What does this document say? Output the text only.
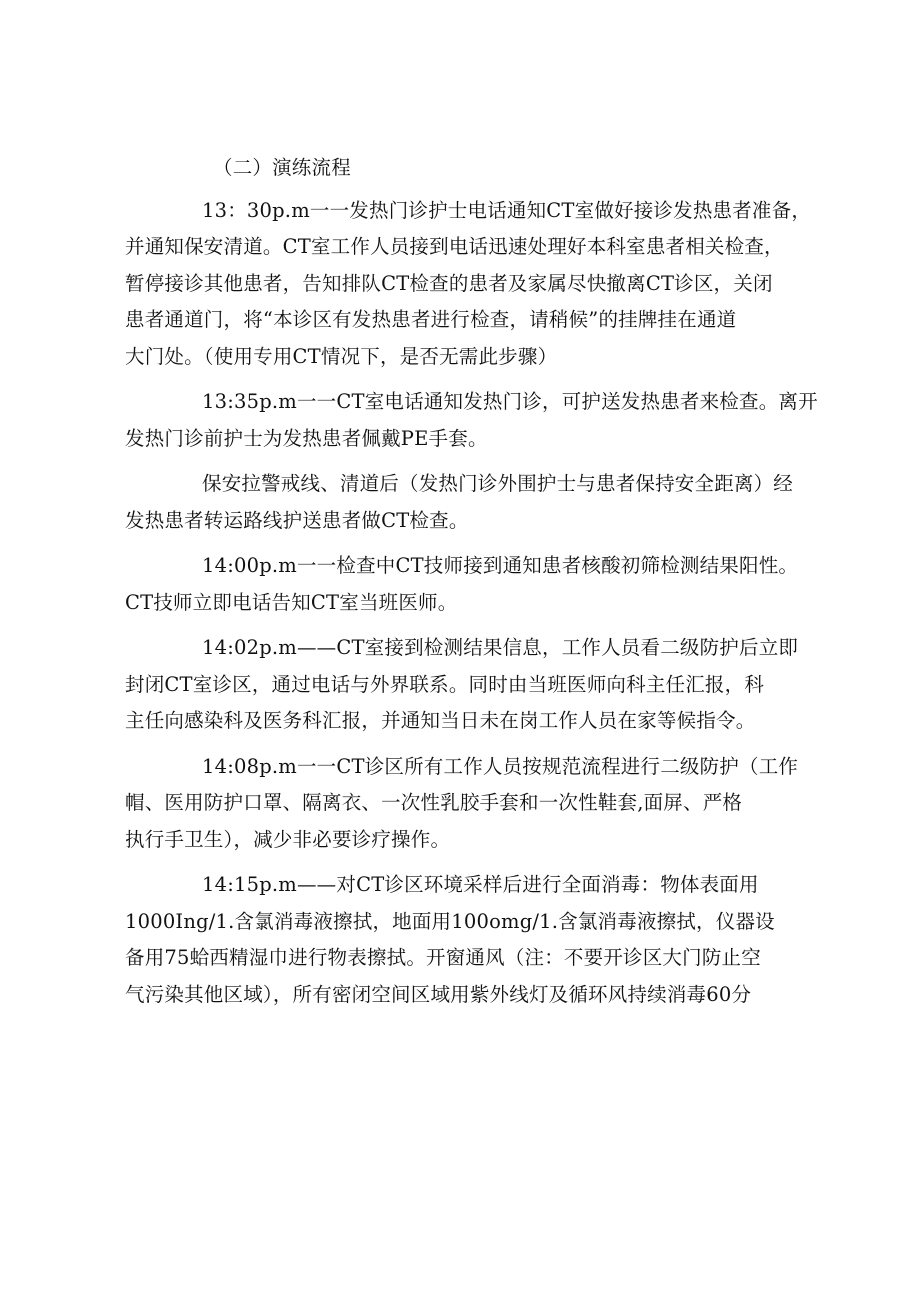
（二）演练流程
13：30p.m一一发热门诊护士电话通知CT室做好接诊发热患者准备，
并通知保安清道。CT室工作人员接到电话迅速处理好本科室患者相关检查，
暂停接诊其他患者，告知排队CT检查的患者及家属尽快撤离CT诊区，关闭
患者通道门，将“本诊区有发热患者进行检查，请稍候”的挂牌挂在通道
大门处。（使用专用CT情况下，是否无需此步骤）
13:35p.m一一CT室电话通知发热门诊，可护送发热患者来检查。离开
发热门诊前护士为发热患者佩戴PE手套。
保安拉警戒线、清道后（发热门诊外围护士与患者保持安全距离）经
发热患者转运路线护送患者做CT检查。
14:00p.m一一检查中CT技师接到通知患者核酸初筛检测结果阳性。
CT技师立即电话告知CT室当班医师。
14:02p.m——CT室接到检测结果信息，工作人员看二级防护后立即
封闭CT室诊区，通过电话与外界联系。同时由当班医师向科主任汇报，科
主任向感染科及医务科汇报，并通知当日未在岗工作人员在家等候指令。
14:08p.m一一CT诊区所有工作人员按规范流程进行二级防护（工作
帽、医用防护口罩、隔离衣、一次性乳胶手套和一次性鞋套,面屏、严格
执行手卫生），减少非必要诊疗操作。
14:15p.m——对CT诊区环境采样后进行全面消毒：物体表面用
1000Ing/1.含氯消毒液擦拭，地面用100omg/1.含氯消毒液擦拭，仪器设
备用75蛤西精湿巾进行物表擦拭。开窗通风（注：不要开诊区大门防止空
气污染其他区域），所有密闭空间区域用紫外线灯及循环风持续消毒60分
